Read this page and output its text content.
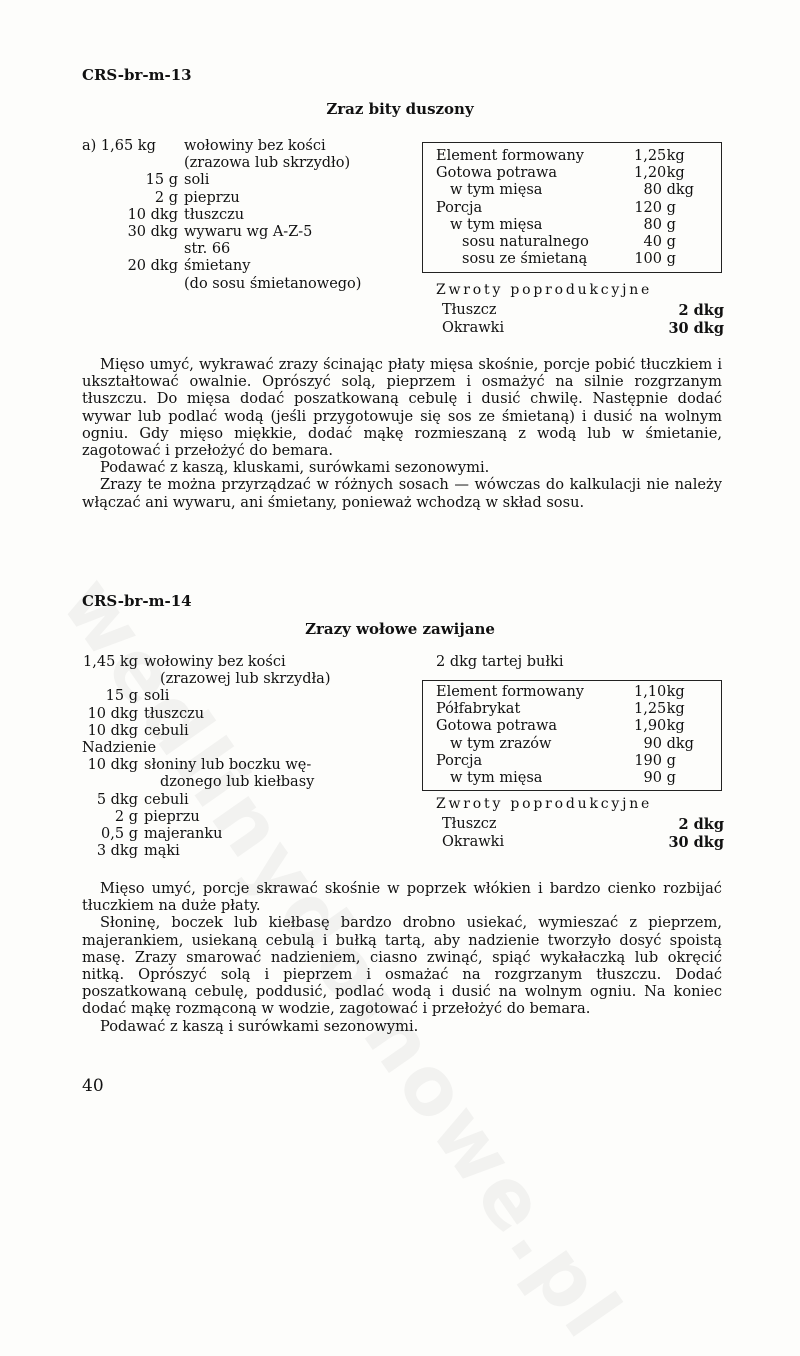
CRS-br-m-13
Zraz bity duszony
a) 1,65 kg wołowiny bez kości
(zrazowa lub skrzydło)
15 g soli
2 g pieprzu
10 dkg tłuszczu
30 dkg wywaru wg A-Z-5
str. 66
20 dkg śmietany
(do sosu śmietanowego)
Element formowany	1,25 kg
Gotowa potrawa	1,20 kg
w tym mięsa	80 dkg
Porcja	120 g
w tym mięsa	80 g
sosu naturalnego	40 g
sosu ze śmietaną	100 g
Zwroty poprodukcyjne
Tłuszcz	2 dkg
Okrawki	30 dkg

Mięso umyć, wykrawać zrazy ścinając płaty mięsa skośnie, porcje pobić tłuczkiem i ukształtować owalnie. Oprószyć solą, pieprzem i osmażyć na silnie rozgrzanym tłuszczu. Do mięsa dodać poszatkowaną cebulę i dusić chwilę. Następnie dodać wywar lub podlać wodą (jeśli przygotowuje się sos ze śmietaną) i dusić na wolnym ogniu. Gdy mięso miękkie, dodać mąkę rozmieszaną z wodą lub w śmietanie, zagotować i przełożyć do bemara.

Podawać z kaszą, kluskami, surówkami sezonowymi.

Zrazy te można przyrządzać w różnych sosach — wówczas do kalkulacji nie należy włączać ani wywaru, ani śmietany, ponieważ wchodzą w skład sosu.

CRS-br-m-14
Zrazy wołowe zawijane
1,45 kg wołowiny bez kości
(zrazowej lub skrzydła)
15 g soli
10 dkg tłuszczu
10 dkg cebuli
Nadzienie
10 dkg słoniny lub boczku wę-
dzonego lub kiełbasy
5 dkg cebuli
2 g pieprzu
0,5 g majeranku
3 dkg mąki
2 dkg tartej bułki
Element formowany	1,10 kg
Półfabrykat	1,25 kg
Gotowa potrawa	1,90 kg
w tym zrazów	90 dkg
Porcja	190 g
w tym mięsa	90 g
Zwroty poprodukcyjne
Tłuszcz	2 dkg
Okrawki	30 dkg

Mięso umyć, porcje skrawać skośnie w poprzek włókien i bardzo cienko rozbijać tłuczkiem na duże płaty.

Słoninę, boczek lub kiełbasę bardzo drobno usiekać, wymieszać z pieprzem, majerankiem, usiekaną cebulą i bułką tartą, aby nadzienie tworzyło dosyć spoistą masę. Zrazy smarować nadzieniem, ciasno zwinąć, spiąć wykałaczką lub okręcić nitką. Oprószyć solą i pieprzem i osmażać na rozgrzanym tłuszczu. Dodać poszatkowaną cebulę, poddusić, podlać wodą i dusić na wolnym ogniu. Na koniec dodać mąkę rozmąconą w wodzie, zagotować i przełożyć do bemara.

Podawać z kaszą i surówkami sezonowymi.

40
